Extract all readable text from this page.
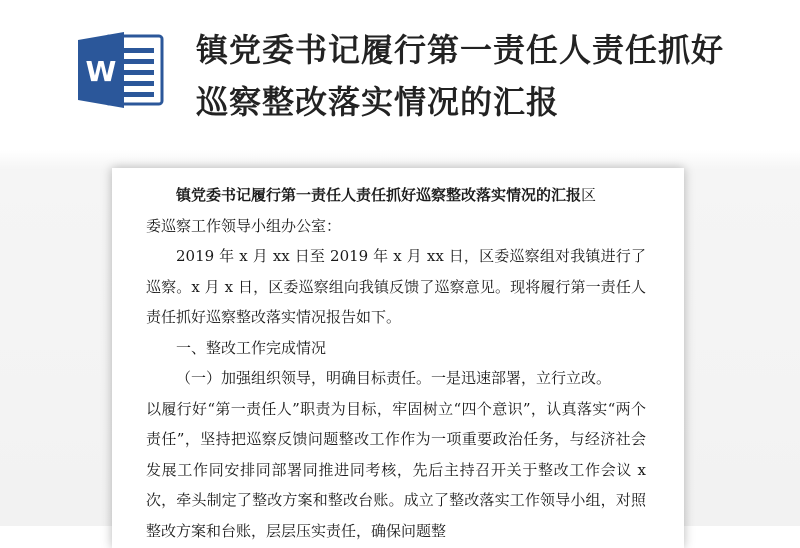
W
镇党委书记履行第一责任人责任抓好巡察整改落实情况的汇报

镇党委书记履行第一责任人责任抓好巡察整改落实情况的汇报区

委巡察工作领导小组办公室：

2019 年 x 月 xx 日至 2019 年 x 月 xx 日，区委巡察组对我镇进行了巡察。x 月 x 日，区委巡察组向我镇反馈了巡察意见。现将履行第一责任人责任抓好巡察整改落实情况报告如下。

一、整改工作完成情况

（一）加强组织领导，明确目标责任。一是迅速部署，立行立改。

以履行好“第一责任人”职责为目标，牢固树立“四个意识”，认真落实“两个责任”，坚持把巡察反馈问题整改工作作为一项重要政治任务，与经济社会发展工作同安排同部署同推进同考核，先后主持召开关于整改工作会议 x 次，牵头制定了整改方案和整改台账。成立了整改落实工作领导小组，对照整改方案和台账，层层压实责任，确保问题整
